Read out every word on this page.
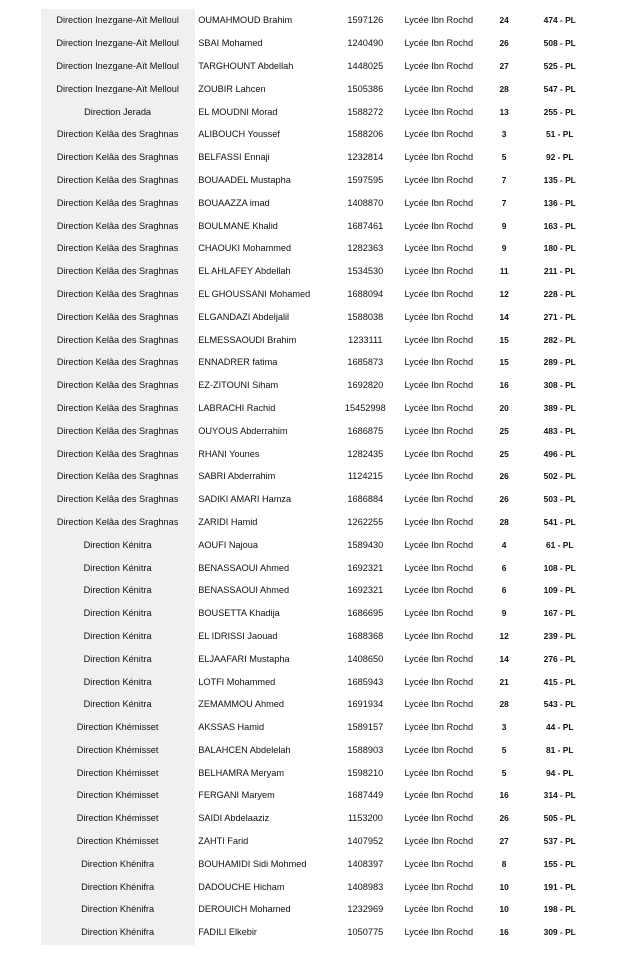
Direction Inezgane-Aït Melloul	OUMAHMOUD Brahim	1597126	Lycée Ibn Rochd	24	474 - PL
Direction Inezgane-Aït Melloul	SBAI Mohamed	1240490	Lycée Ibn Rochd	26	508 - PL
Direction Inezgane-Aït Melloul	TARGHOUNT Abdellah	1448025	Lycée Ibn Rochd	27	525 - PL
Direction Inezgane-Aït Melloul	ZOUBIR Lahcen	1505386	Lycée Ibn Rochd	28	547 - PL
Direction Jerada	EL MOUDNI Morad	1588272	Lycée Ibn Rochd	13	255 - PL
Direction Kelâa des Sraghnas	ALIBOUCH Youssef	1588206	Lycée Ibn Rochd	3	51 - PL
Direction Kelâa des Sraghnas	BELFASSI Ennaji	1232814	Lycée Ibn Rochd	5	92 - PL
Direction Kelâa des Sraghnas	BOUAADEL Mustapha	1597595	Lycée Ibn Rochd	7	135 - PL
Direction Kelâa des Sraghnas	BOUAAZZA imad	1408870	Lycée Ibn Rochd	7	136 - PL
Direction Kelâa des Sraghnas	BOULMANE Khalid	1687461	Lycée Ibn Rochd	9	163 - PL
Direction Kelâa des Sraghnas	CHAOUKI Mohammed	1282363	Lycée Ibn Rochd	9	180 - PL
Direction Kelâa des Sraghnas	EL AHLAFEY Abdellah	1534530	Lycée Ibn Rochd	11	211 - PL
Direction Kelâa des Sraghnas	EL GHOUSSANI Mohamed	1688094	Lycée Ibn Rochd	12	228 - PL
Direction Kelâa des Sraghnas	ELGANDAZI Abdeljalil	1588038	Lycée Ibn Rochd	14	271 - PL
Direction Kelâa des Sraghnas	ELMESSAOUDI Brahim	1233111	Lycée Ibn Rochd	15	282 - PL
Direction Kelâa des Sraghnas	ENNADRER fatima	1685873	Lycée Ibn Rochd	15	289 - PL
Direction Kelâa des Sraghnas	EZ-ZITOUNI Siham	1692820	Lycée Ibn Rochd	16	308 - PL
Direction Kelâa des Sraghnas	LABRACHI Rachid	15452998	Lycée Ibn Rochd	20	389 - PL
Direction Kelâa des Sraghnas	OUYOUS Abderrahim	1686875	Lycée Ibn Rochd	25	483 - PL
Direction Kelâa des Sraghnas	RHANI Younes	1282435	Lycée Ibn Rochd	25	496 - PL
Direction Kelâa des Sraghnas	SABRI Abderrahim	1124215	Lycée Ibn Rochd	26	502 - PL
Direction Kelâa des Sraghnas	SADIKI AMARI Hamza	1686884	Lycée Ibn Rochd	26	503 - PL
Direction Kelâa des Sraghnas	ZARIDI Hamid	1262255	Lycée Ibn Rochd	28	541 - PL
Direction Kénitra	AOUFI Najoua	1589430	Lycée Ibn Rochd	4	61 - PL
Direction Kénitra	BENASSAOUI Ahmed	1692321	Lycée Ibn Rochd	6	108 - PL
Direction Kénitra	BENASSAOUI Ahmed	1692321	Lycée Ibn Rochd	6	109 - PL
Direction Kénitra	BOUSETTA Khadija	1686695	Lycée Ibn Rochd	9	167 - PL
Direction Kénitra	EL IDRISSI Jaouad	1688368	Lycée Ibn Rochd	12	239 - PL
Direction Kénitra	ELJAAFARI Mustapha	1408650	Lycée Ibn Rochd	14	276 - PL
Direction Kénitra	LOTFI Mohammed	1685943	Lycée Ibn Rochd	21	415 - PL
Direction Kénitra	ZEMAMMOU Ahmed	1691934	Lycée Ibn Rochd	28	543 - PL
Direction Khémisset	AKSSAS Hamid	1589157	Lycée Ibn Rochd	3	44 - PL
Direction Khémisset	BALAHCEN Abdelelah	1588903	Lycée Ibn Rochd	5	81 - PL
Direction Khémisset	BELHAMRA Meryam	1598210	Lycée Ibn Rochd	5	94 - PL
Direction Khémisset	FERGANI Maryem	1687449	Lycée Ibn Rochd	16	314 - PL
Direction Khémisset	SAIDI Abdelaaziz	1153200	Lycée Ibn Rochd	26	505 - PL
Direction Khémisset	ZAHTI Farid	1407952	Lycée Ibn Rochd	27	537 - PL
Direction Khénifra	BOUHAMIDI Sidi Mohmed	1408397	Lycée Ibn Rochd	8	155 - PL
Direction Khénifra	DADOUCHE Hicham	1408983	Lycée Ibn Rochd	10	191 - PL
Direction Khénifra	DEROUICH Mohamed	1232969	Lycée Ibn Rochd	10	198 - PL
Direction Khénifra	FADILI Elkebir	1050775	Lycée Ibn Rochd	16	309 - PL
